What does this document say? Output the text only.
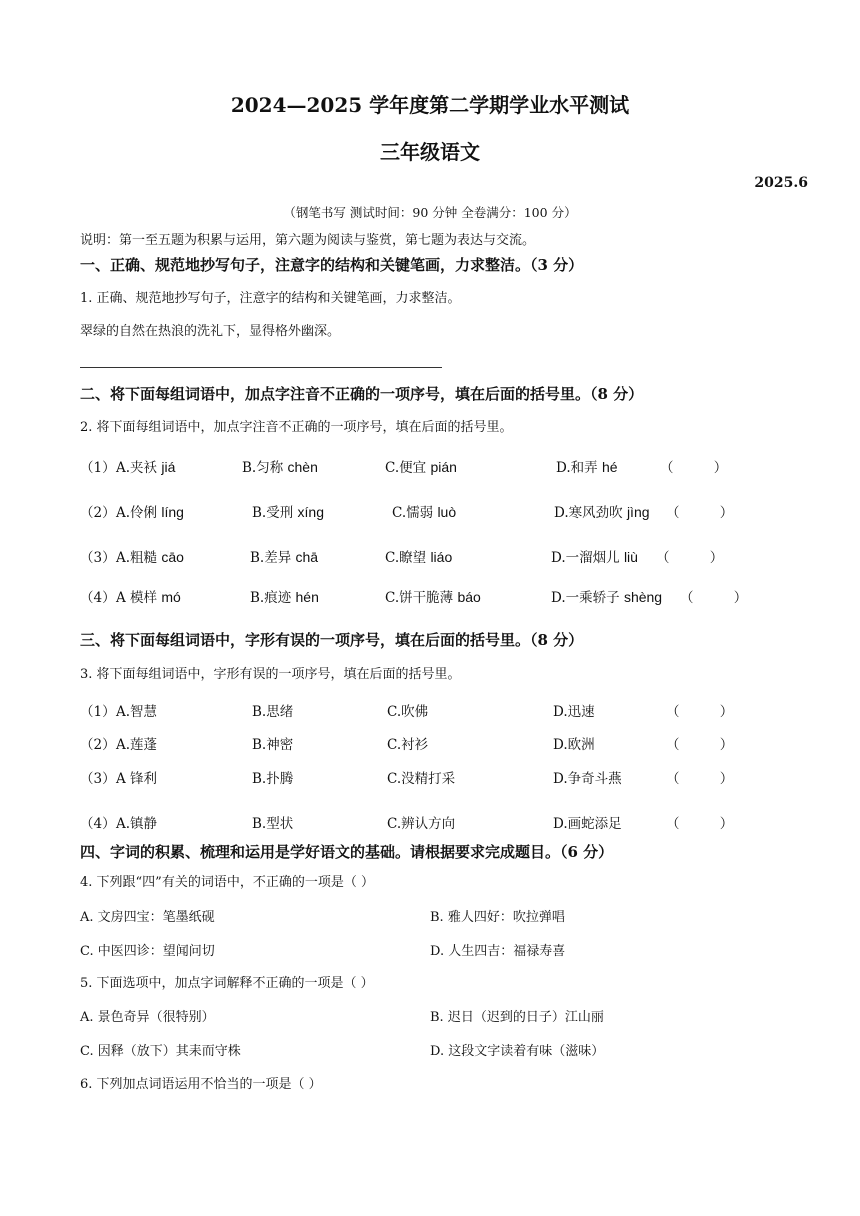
2024—2025 学年度第二学期学业水平测试
三年级语文
2025.6
（钢笔书写 测试时间：90 分钟 全卷满分：100 分）
说明：第一至五题为积累与运用，第六题为阅读与鉴赏，第七题为表达与交流。
一、正确、规范地抄写句子，注意字的结构和关键笔画，力求整洁。（3 分）
1. 正确、规范地抄写句子，注意字的结构和关键笔画，力求整洁。
翠绿的自然在热浪的洗礼下，显得格外幽深。
二、将下面每组词语中，加点字注音不正确的一项序号，填在后面的括号里。（8 分）
2. 将下面每组词语中，加点字注音不正确的一项序号，填在后面的括号里。
（1） A.夹袄 jiá	B.匀称 chèn	C.便宜 pián	D.和弄 hé	（ ）
（2） A.伶俐 líng	B.受刑 xíng	C.懦弱 luò	D.寒风劲吹 jìng （ ）
（3） A.粗糙 cāo	B.差异 chā	C.瞭望 liáo	D.一溜烟儿 liù （ ）
（4） A 模样 mó	B.痕迹 hén	C.饼干脆薄 báo	D.一乘轿子 shèng （ ）
三、将下面每组词语中，字形有误的一项序号，填在后面的括号里。（8 分）
3. 将下面每组词语中，字形有误的一项序号，填在后面的括号里。
（1） A.智慧	B.思绪	C.吹佛	D.迅速	（ ）
（2） A.莲蓬	B.神密	C.衬衫	D.欧洲	（ ）
（3） A 锋利	B.扑腾	C.没精打采	D.争奇斗燕	（ ）
（4） A.镇静	B.型状	C.辨认方向	D.画蛇添足	（ ）
四、字词的积累、梳理和运用是学好语文的基础。请根据要求完成题目。（6 分）
4. 下列跟“四”有关的词语中，不正确的一项是（ ）
A. 文房四宝：笔墨纸砚	B. 雅人四好：吹拉弹唱
C. 中医四诊：望闻问切	D. 人生四吉：福禄寿喜
5. 下面选项中，加点字词解释不正确的一项是（ ）
A. 景色奇异（很特别）	B. 迟日（迟到的日子）江山丽
C. 因释（放下）其耒而守株	D. 这段文字读着有味（滋味）
6. 下列加点词语运用不恰当的一项是（ ）
